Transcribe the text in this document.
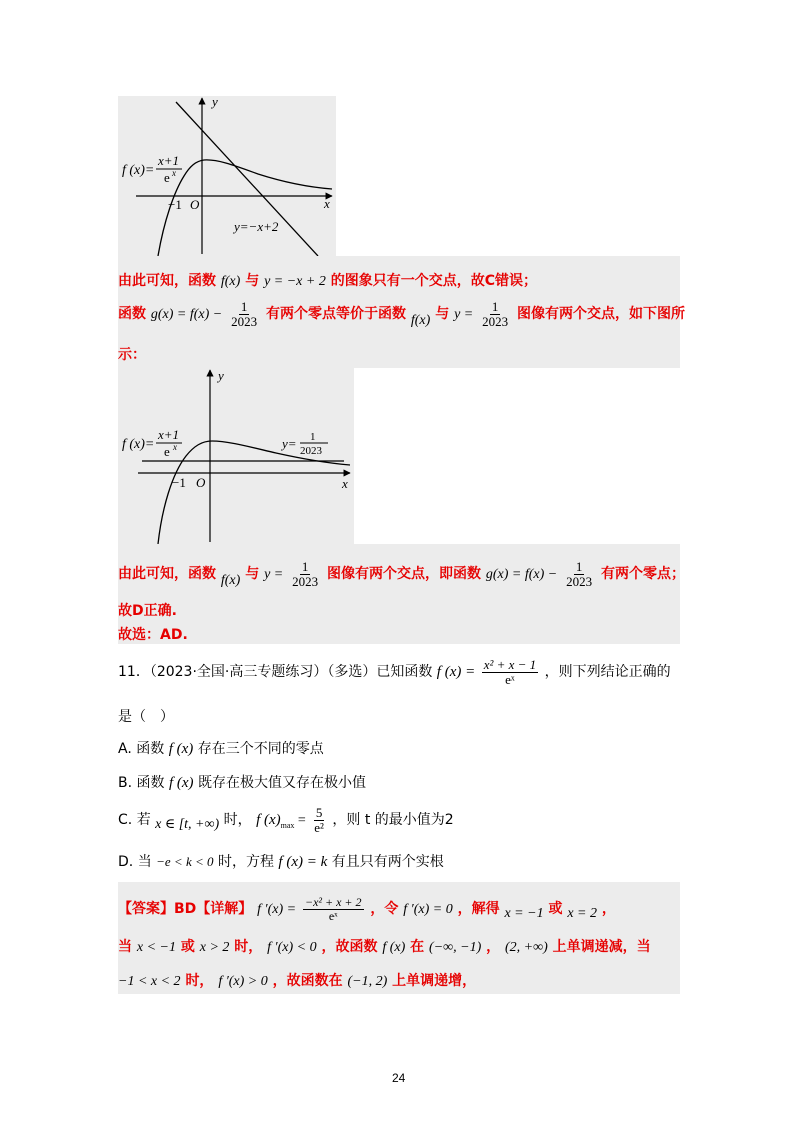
y
x
O
−1
f (x)=
x+1
e x
y=−x+2
由此可知，函数 f(x) 与 y = −x + 2 的图象只有一个交点，故C错误；
函数 $g(x) = f(x) - \frac{1}{2023}$ 有两个零点等价于函数 f(x) 与 $y = \frac{1}{2023}$ 图像有两个交点，如下图所
示：
y
x
O
−1
f (x)=
x+1
e x	y= 1
2023
由此可知，函数 f(x) 与 $y = \frac{1}{2023}$ 图像有两个交点，即函数 $g(x) = f(x) - \frac{1}{2023}$ 有两个零点；
故D正确.
故选：AD.
11．（2023·全国·高三专题练习）（多选）已知函数 f $(x) = \frac{\text{x² + x − 1}}{\text{eˣ}}$ ，则下列结论正确的
是（　）
A. 函数 f (x) 存在三个不同的零点
B. 函数 f (x) 既存在极大值又存在极小值
C. 若 x ∈ [t, +∞) 时， f $(x)_{max} = \frac{5}{\text{e²}}$ ，则 t 的最小值为2
D. 当 −e < k < 0 时，方程 f (x) = k 有且只有两个实根
【答案】BD【详解】 f $'(x) = \frac{\text{−x² + x + 2}}{\text{eˣ}}$ ，令 f ′(x) = 0 ，解得 x = −1 或 x = 2 ，
当 x < −1 或 x > 2 时， f ′(x) < 0 ，故函数 f (x) 在 (−∞, −1) ， (2, +∞) 上单调递减，当
−1 < x < 2 时， f ′(x) > 0 ，故函数在 (−1, 2) 上单调递增，
24
